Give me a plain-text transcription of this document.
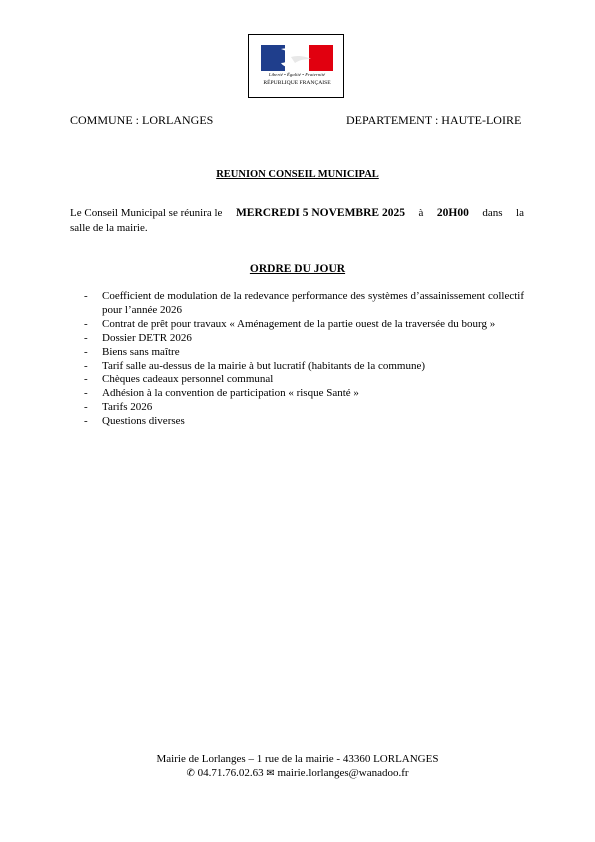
Liberté • Égalité • Fraternité
RÉPUBLIQUE FRANÇAISE
COMMUNE : LORLANGES	DEPARTEMENT : HAUTE-LOIRE
REUNION CONSEIL MUNICIPAL
Le Conseil Municipal se réunira le MERCREDI 5 NOVEMBRE 2025 à 20H00 dans la
salle de la mairie.
ORDRE DU JOUR
- Coefficient de modulation de la redevance performance des systèmes d’assainissement collectif pour l’année 2026
- Contrat de prêt pour travaux « Aménagement de la partie ouest de la traversée du bourg »
- Dossier DETR 2026
- Biens sans maître
- Tarif salle au-dessus de la mairie à but lucratif (habitants de la commune)
- Chèques cadeaux personnel communal
- Adhésion à la convention de participation « risque Santé »
- Tarifs 2026
- Questions diverses
Mairie de Lorlanges – 1 rue de la mairie - 43360 LORLANGES
✆ 04.71.76.02.63 ✉ mairie.lorlanges@wanadoo.fr
